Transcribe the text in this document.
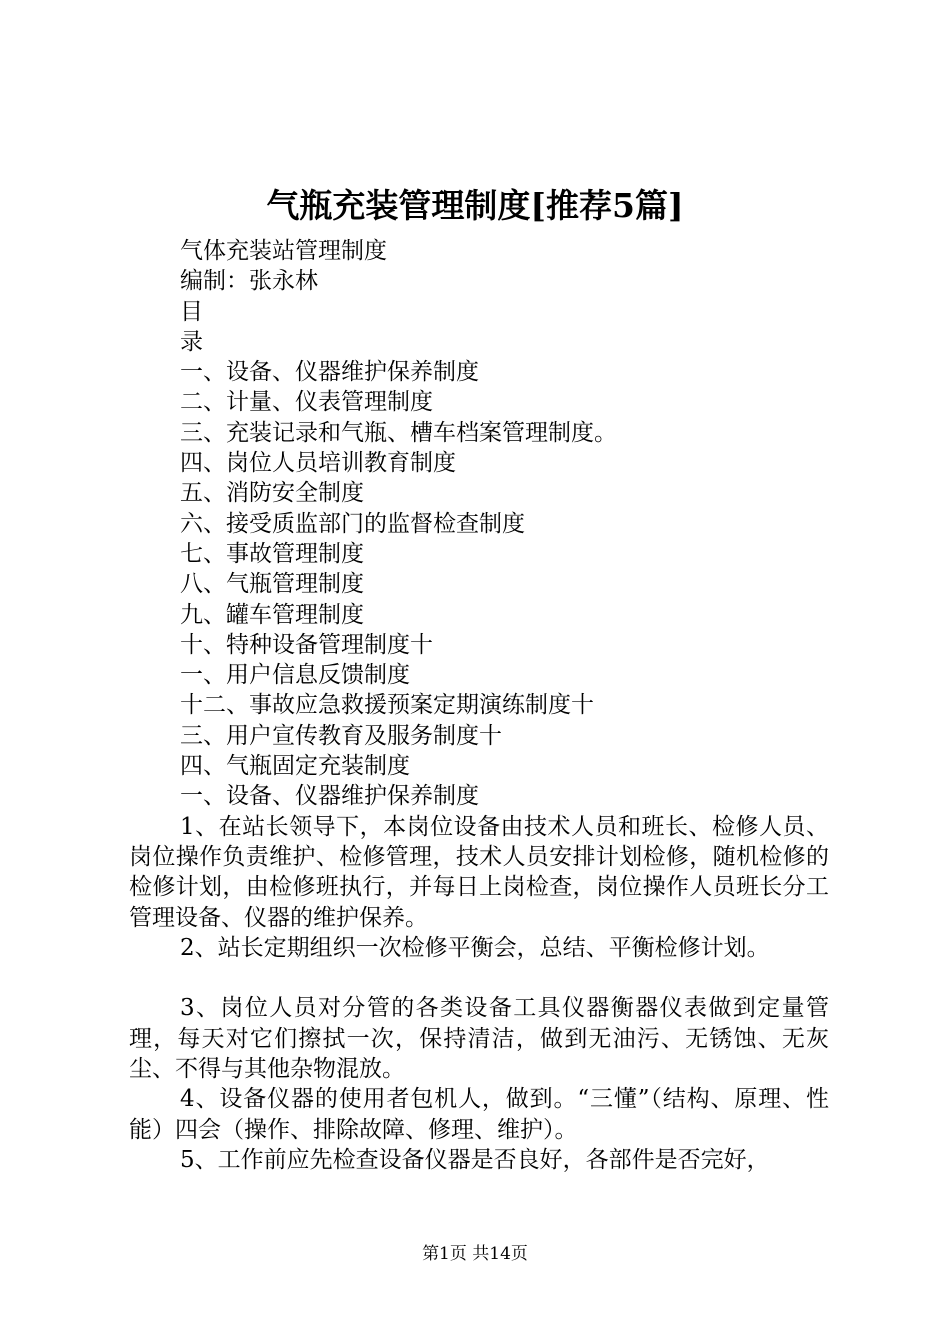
气瓶充装管理制度[推荐5篇]
气体充装站管理制度
编制：张永林
目
录
一、设备、仪器维护保养制度
二、计量、仪表管理制度
三、充装记录和气瓶、槽车档案管理制度。
四、岗位人员培训教育制度
五、消防安全制度
六、接受质监部门的监督检查制度
七、事故管理制度
八、气瓶管理制度
九、罐车管理制度
十、特种设备管理制度十
一、用户信息反馈制度
十二、事故应急救援预案定期演练制度十
三、用户宣传教育及服务制度十
四、气瓶固定充装制度
一、设备、仪器维护保养制度
1、在站长领导下，本岗位设备由技术人员和班长、检修人员、岗位操作负责维护、检修管理，技术人员安排计划检修，随机检修的检修计划，由检修班执行，并每日上岗检查，岗位操作人员班长分工管理设备、仪器的维护保养。
2、站长定期组织一次检修平衡会，总结、平衡检修计划。
3、岗位人员对分管的各类设备工具仪器衡器仪表做到定量管理，每天对它们擦拭一次，保持清洁，做到无油污、无锈蚀、无灰尘、不得与其他杂物混放。
4、设备仪器的使用者包机人，做到。“三懂”（结构、原理、性能）四会（操作、排除故障、修理、维护）。
5、工作前应先检查设备仪器是否良好，各部件是否完好，
第1页 共14页
